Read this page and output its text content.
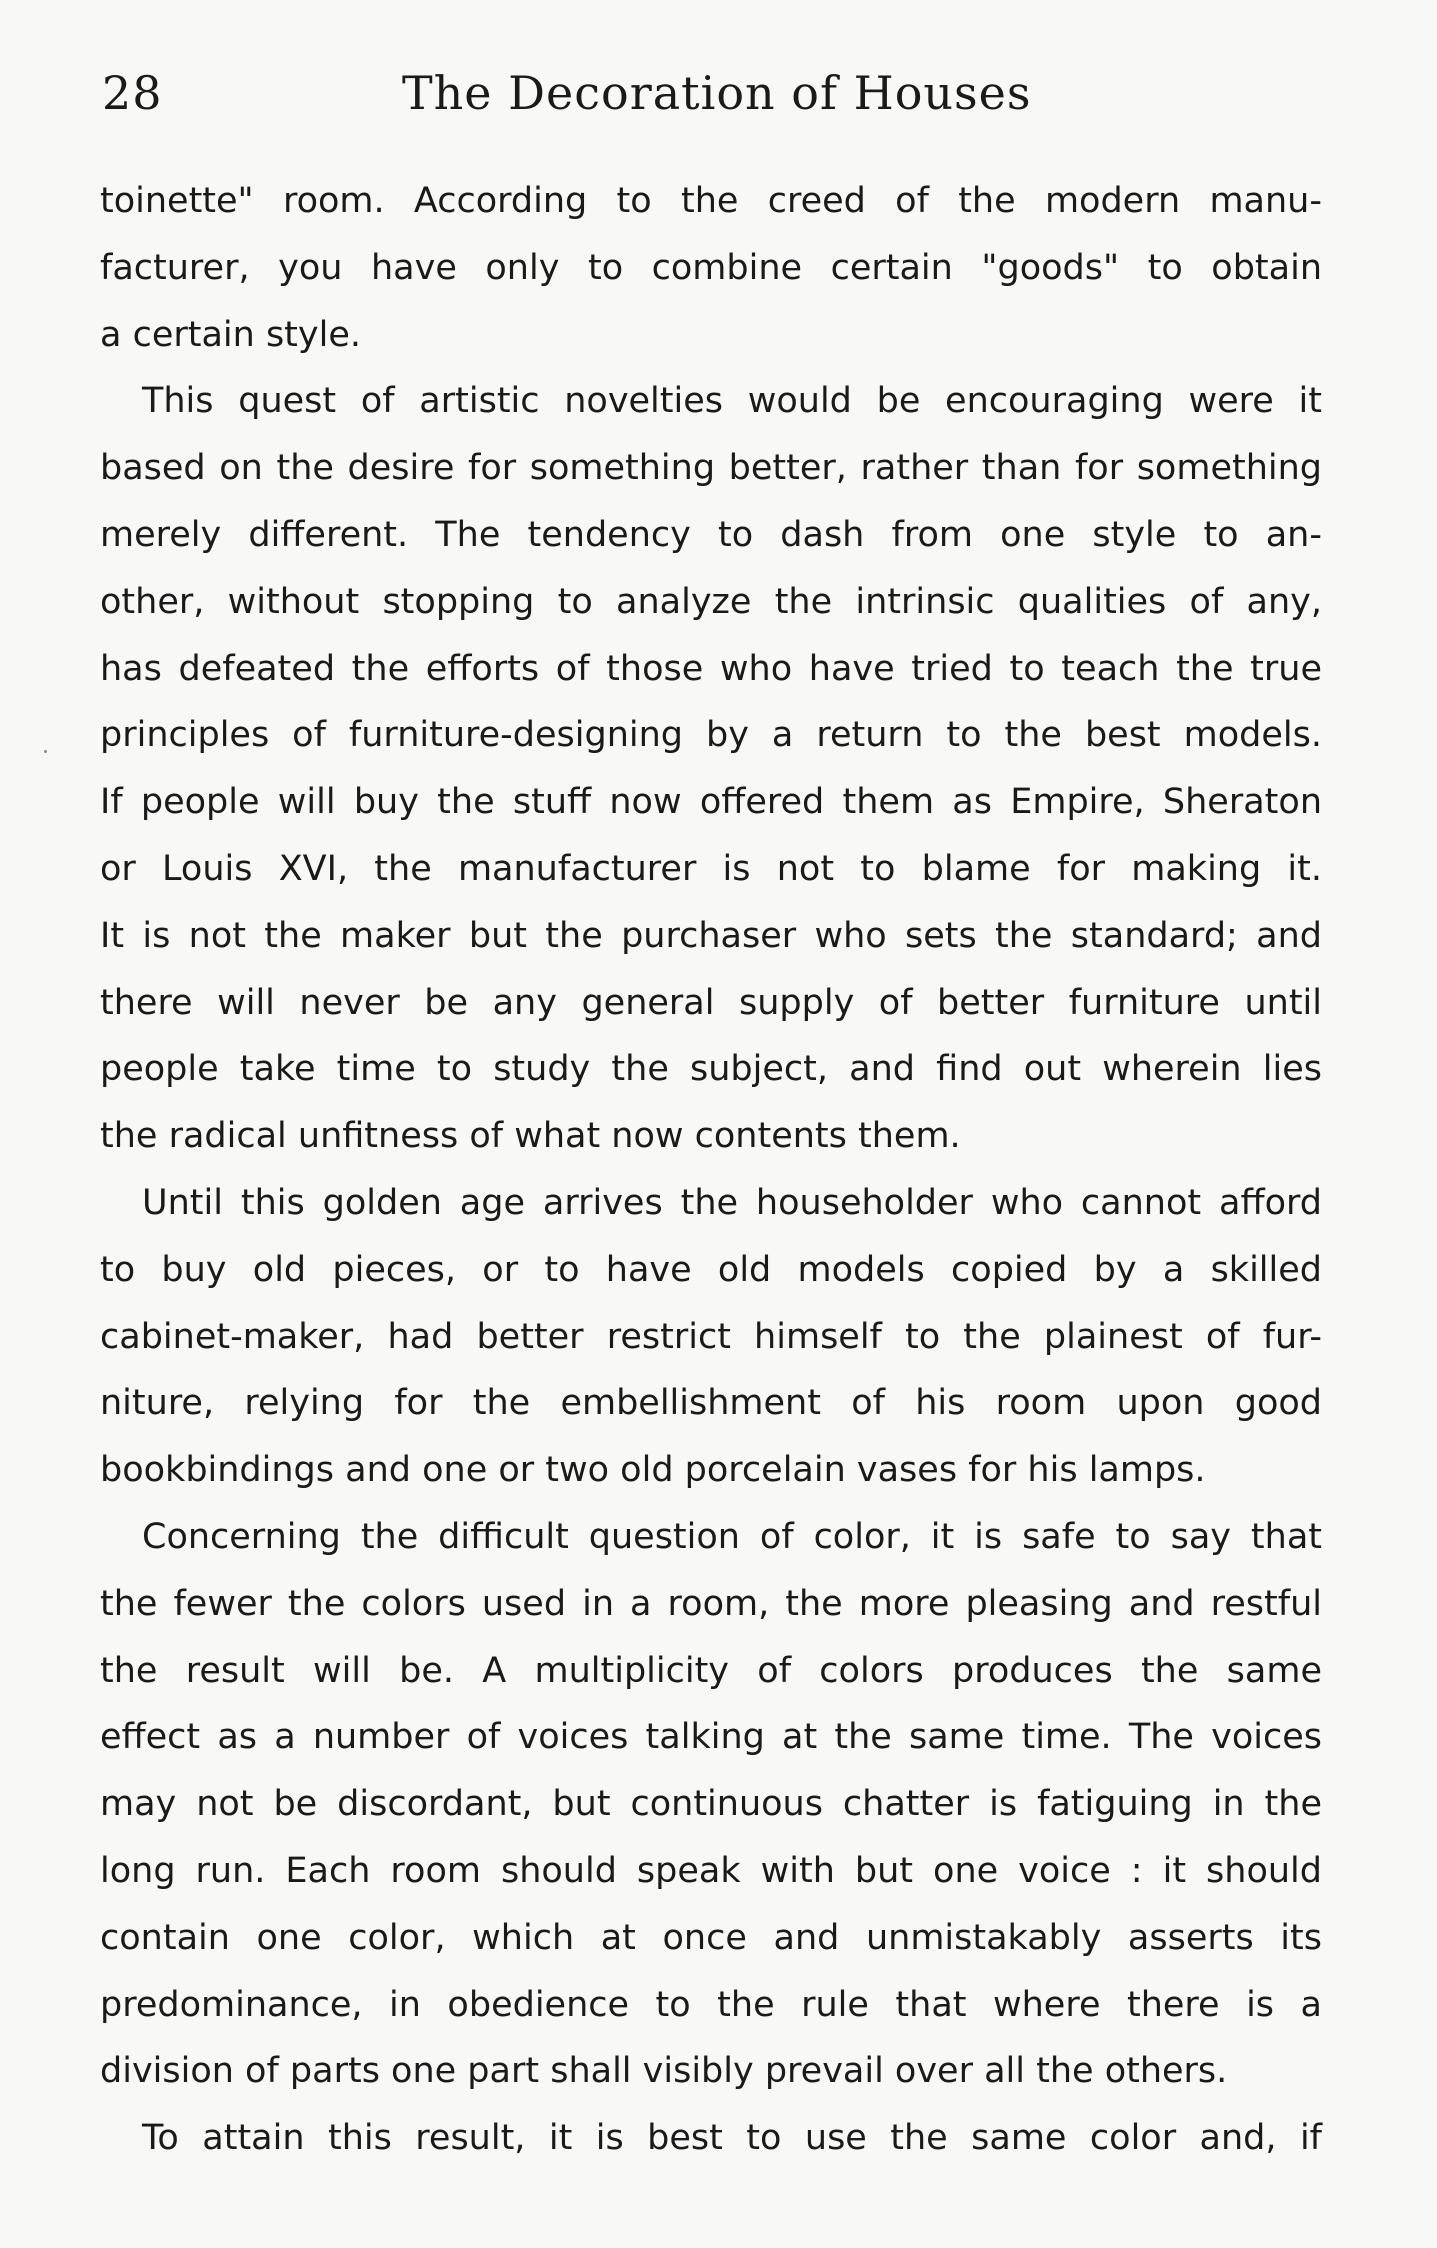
28	The Decoration of Houses
toinette" room. According to the creed of the modern manu-
facturer, you have only to combine certain "goods" to obtain
a certain style.
This quest of artistic novelties would be encouraging were it
based on the desire for something better, rather than for something
merely different. The tendency to dash from one style to an-
other, without stopping to analyze the intrinsic qualities of any,
has defeated the efforts of those who have tried to teach the true
principles of furniture-designing by a return to the best models.
If people will buy the stuff now offered them as Empire, Sheraton
or Louis XVI, the manufacturer is not to blame for making it.
It is not the maker but the purchaser who sets the standard; and
there will never be any general supply of better furniture until
people take time to study the subject, and find out wherein lies
the radical unfitness of what now contents them.
Until this golden age arrives the householder who cannot afford
to buy old pieces, or to have old models copied by a skilled
cabinet-maker, had better restrict himself to the plainest of fur-
niture, relying for the embellishment of his room upon good
bookbindings and one or two old porcelain vases for his lamps.
Concerning the difficult question of color, it is safe to say that
the fewer the colors used in a room, the more pleasing and restful
the result will be. A multiplicity of colors produces the same
effect as a number of voices talking at the same time. The voices
may not be discordant, but continuous chatter is fatiguing in the
long run. Each room should speak with but one voice : it should
contain one color, which at once and unmistakably asserts its
predominance, in obedience to the rule that where there is a
division of parts one part shall visibly prevail over all the others.
To attain this result, it is best to use the same color and, if
